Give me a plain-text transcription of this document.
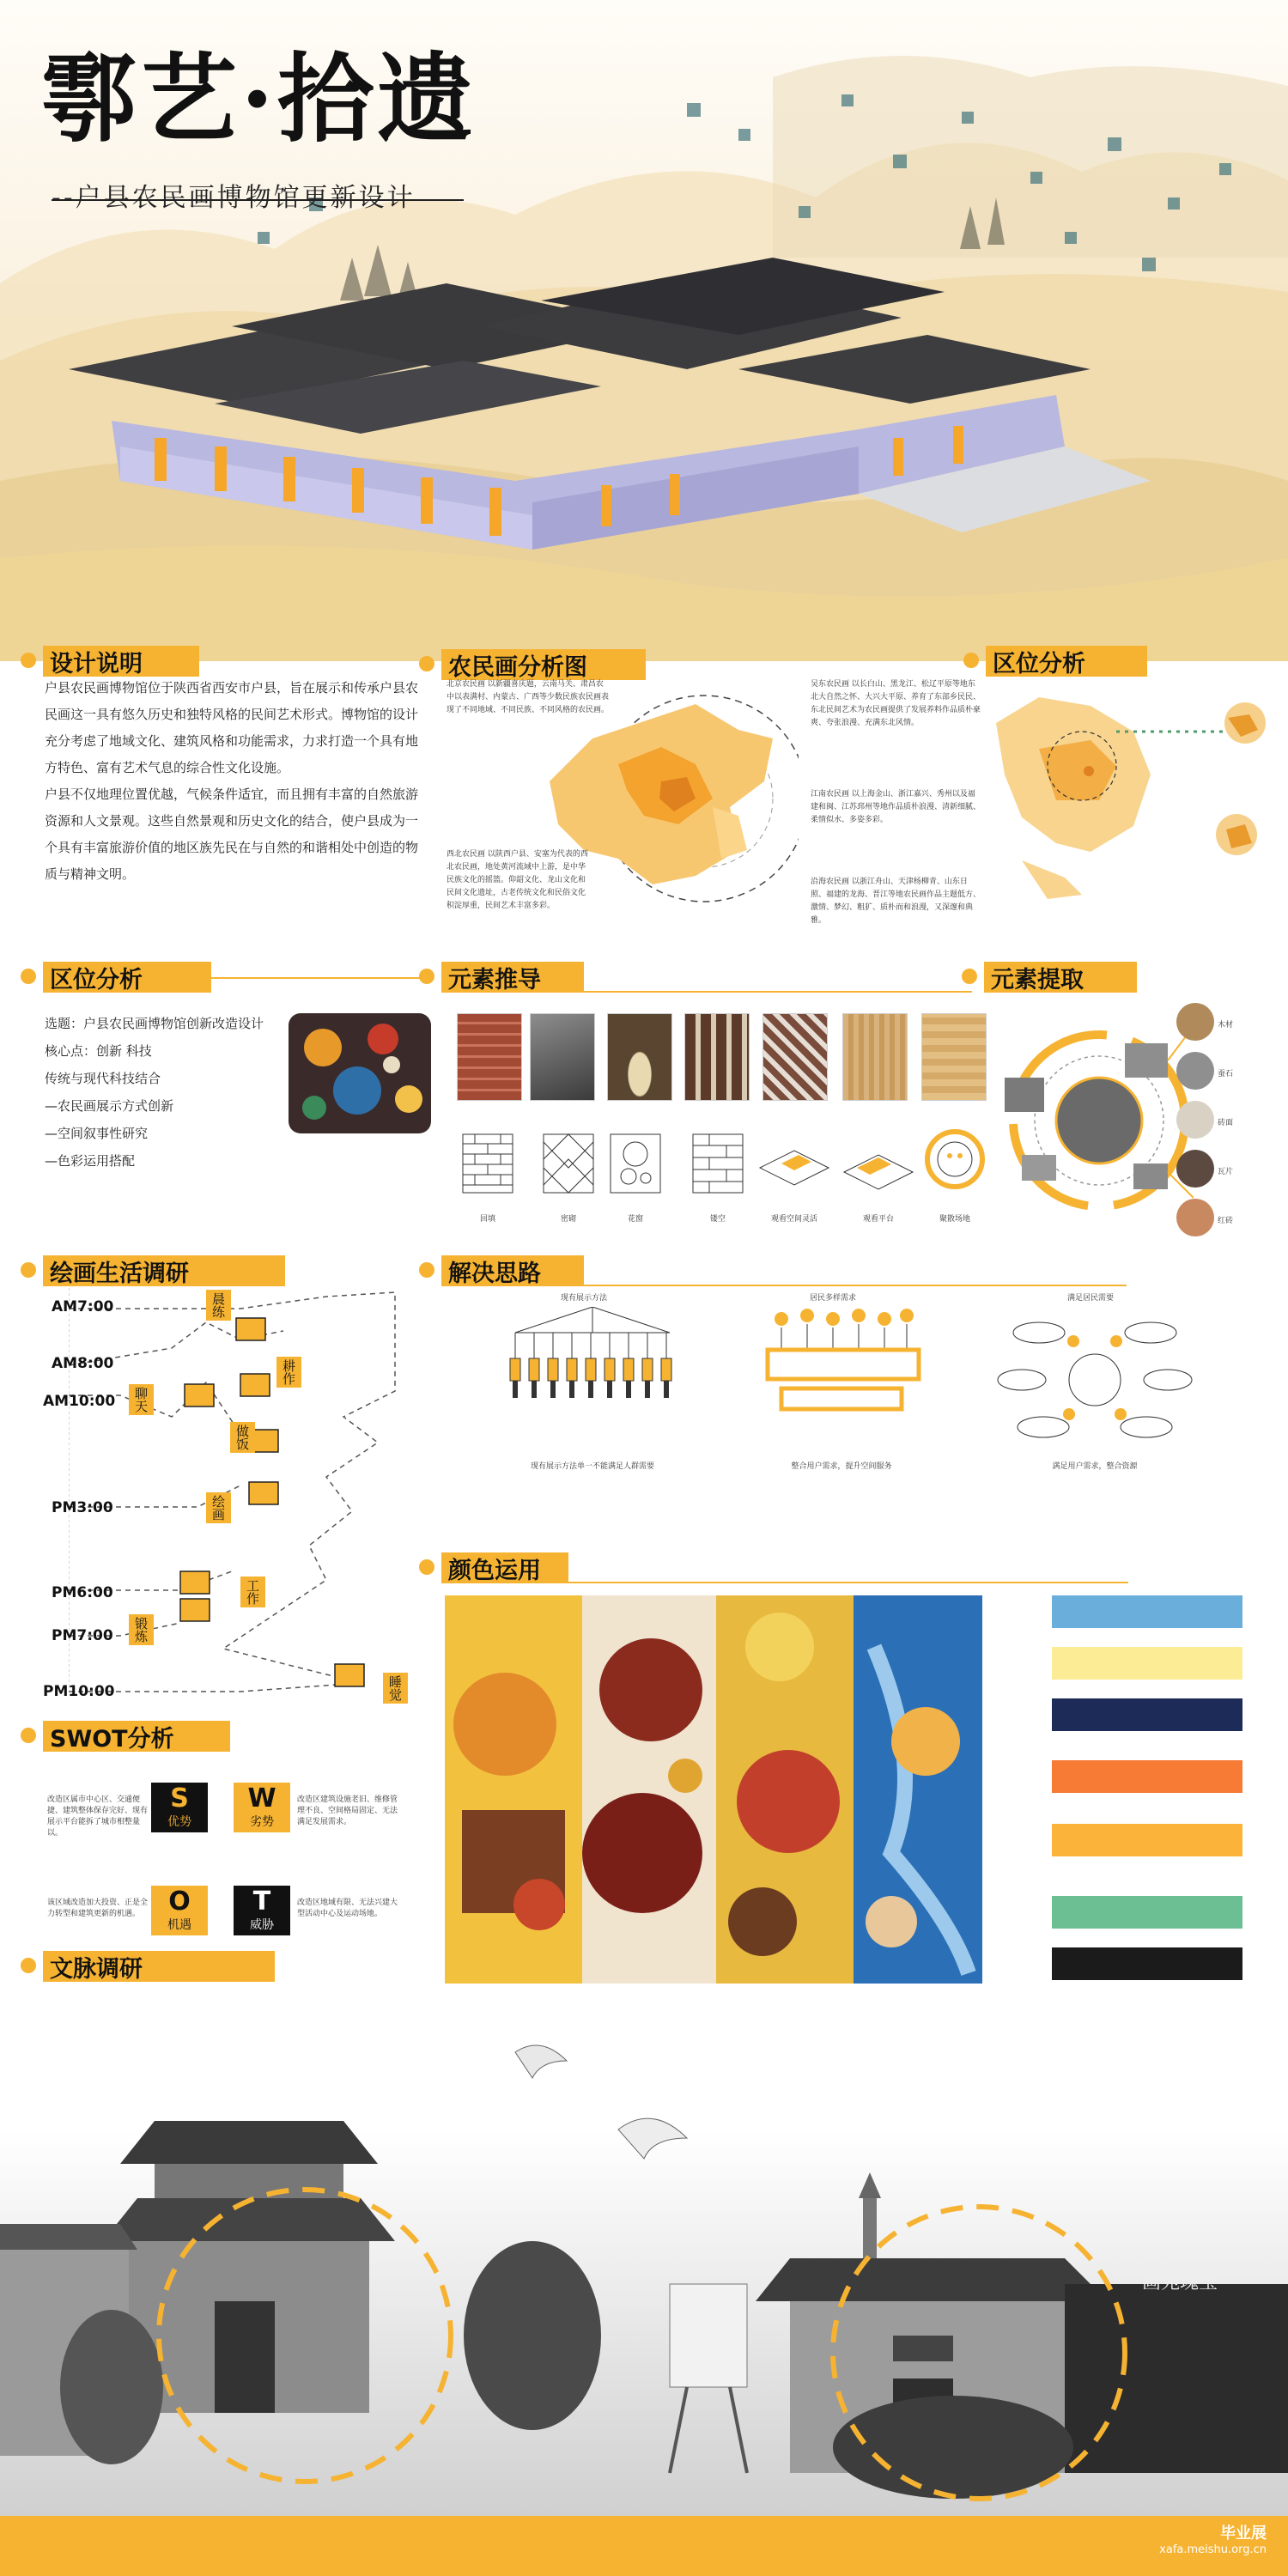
鄠艺·拾遗
--户县农民画博物馆更新设计
设计说明
户县农民画博物馆位于陕西省西安市户县，旨在展示和传承户县农民画这一具有悠久历史和独特风格的民间艺术形式。博物馆的设计充分考虑了地域文化、建筑风格和功能需求，力求打造一个具有地方特色、富有艺术气息的综合性文化设施。
户县不仅地理位置优越，气候条件适宜，而且拥有丰富的自然旅游资源和人文景观。这些自然景观和历史文化的结合，使户县成为一个具有丰富旅游价值的地区族先民在与自然的和谐相处中创造的物质与精神文明。
农民画分析图
北京农民画 以新疆喜庆题，云南马关、肃昌农中以表满村、内蒙古、广西等少数民族农民画表现了不同地域、不同民族、不同风格的农民画。
吴东农民画 以长白山、黑龙江、松辽平原等地东北大自然之怀、大兴大平原、养育了东部乡民民、东北民间艺术为农民画提供了发展养料作品质朴豪爽、夸张浪漫、充满东北风情。
江南农民画 以上海金山、浙江嘉兴、秀州以及福建和闽、江苏邳州等地作品质朴浪漫、清新细腻、柔情似水、多姿多彩。
西北农民画 以陕西户县、安塞为代表的西北农民画，地处黄河流域中上游，是中华民族文化的摇篮。仰韶文化、龙山文化和民间文化遗址，古老传统文化和民俗文化积淀厚重，民间艺术丰富多彩。
沿海农民画 以浙江舟山、天津杨柳青、山东日照、福建的龙海、晋江等地农民画作品主题低方、激情、梦幻、粗犷、质朴而和浪漫，又深邃和典雅。
区位分析
区位分析
选题：户县农民画博物馆创新改造设计
核心点：创新 科技
传统与现代科技结合
—农民画展示方式创新
—空间叙事性研究
—色彩运用搭配
元素推导
回填	密砌	花窗	镂空	观看空间灵活	观看平台	聚散场地
元素提取
木材
蚕石
砖面
瓦片
红砖
绘画生活调研
AM7:00
AM8:00
AM10:00
PM3:00
PM6:00
PM7:00
PM10:00
晨练
耕作
聊天
做饭
绘画
工作
锻炼
睡觉
解决思路
现有展示方法	居民多样需求	满足居民需要
现有展示方法单一不能满足人群需要	整合用户需求，提升空间服务	满足用户需求，整合资源
颜色运用
SWOT分析
改造区属市中心区、交通便捷、建筑整体保存完好、现有展示平台能拆了城市相整量以。
S
优势
W
劣势
改造区建筑设施老旧、维修管理不良、空间格局固定、无法满足发展需求。
该区域改造加大投资、正是全力转型和建筑更新的机遇。	O
机遇
T
威胁
改造区地域有限、无法兴建大型活动中心及运动场地。
文脉调研
画苑瑰宝
毕业展
xafa.meishu.org.cn
